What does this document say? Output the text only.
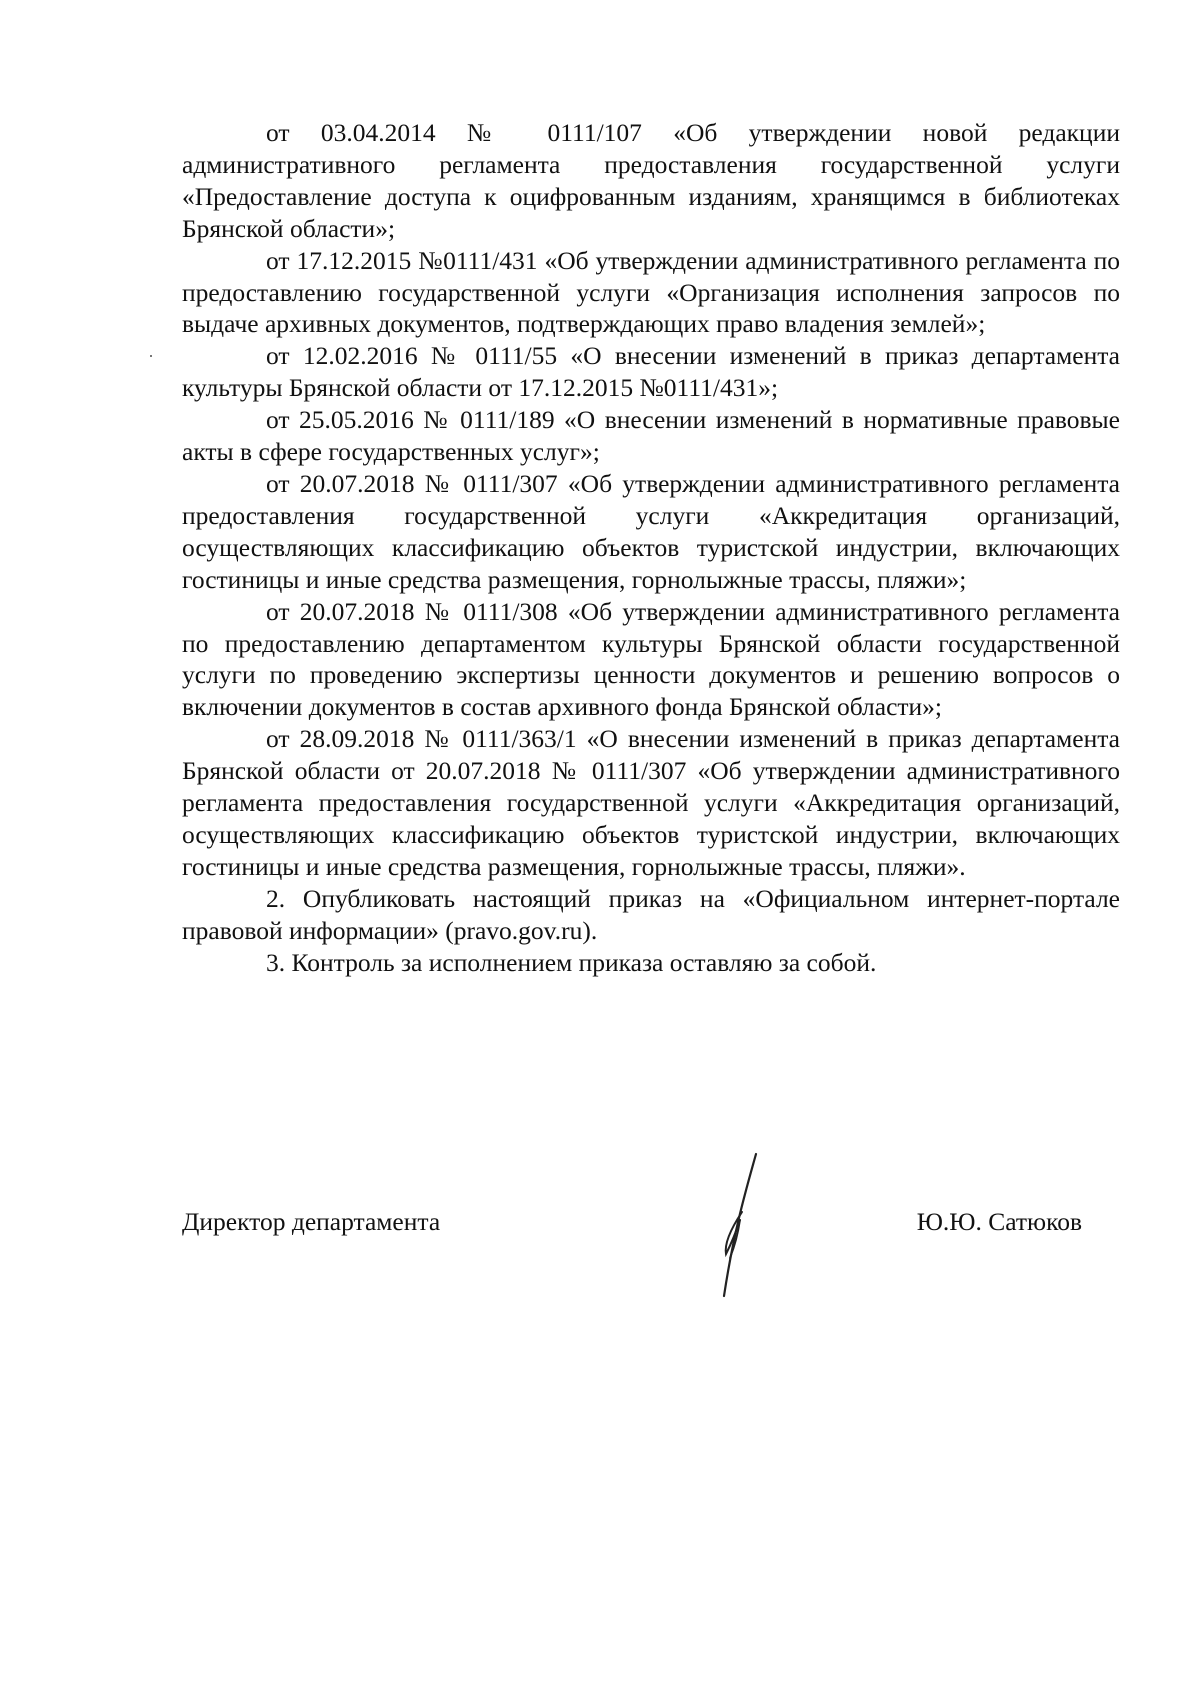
от 03.04.2014 № 0111/107 «Об утверждении новой редакции административного регламента предоставления государственной услуги «Предоставление доступа к оцифрованным изданиям, хранящимся в библиотеках Брянской области»;

от 17.12.2015 №0111/431 «Об утверждении административного регламента по предоставлению государственной услуги «Организация исполнения запросов по выдаче архивных документов, подтверждающих право владения землей»;

от 12.02.2016 № 0111/55 «О внесении изменений в приказ департамента культуры Брянской области от 17.12.2015 №0111/431»;

от 25.05.2016 № 0111/189 «О внесении изменений в нормативные правовые акты в сфере государственных услуг»;

от 20.07.2018 № 0111/307 «Об утверждении административного регламента предоставления государственной услуги «Аккредитация организаций, осуществляющих классификацию объектов туристской индустрии, включающих гостиницы и иные средства размещения, горнолыжные трассы, пляжи»;

от 20.07.2018 № 0111/308 «Об утверждении административного регламента по предоставлению департаментом культуры Брянской области государственной услуги по проведению экспертизы ценности документов и решению вопросов о включении документов в состав архивного фонда Брянской области»;

от 28.09.2018 № 0111/363/1 «О внесении изменений в приказ департамента Брянской области от 20.07.2018 № 0111/307 «Об утверждении административного регламента предоставления государственной услуги «Аккредитация организаций, осуществляющих классификацию объектов туристской индустрии, включающих гостиницы и иные средства размещения, горнолыжные трассы, пляжи».

2. Опубликовать настоящий приказ на «Официальном интернет-портале правовой информации» (pravo.gov.ru).

3. Контроль за исполнением приказа оставляю за собой.

Директор департамента	Ю.Ю. Сатюков
